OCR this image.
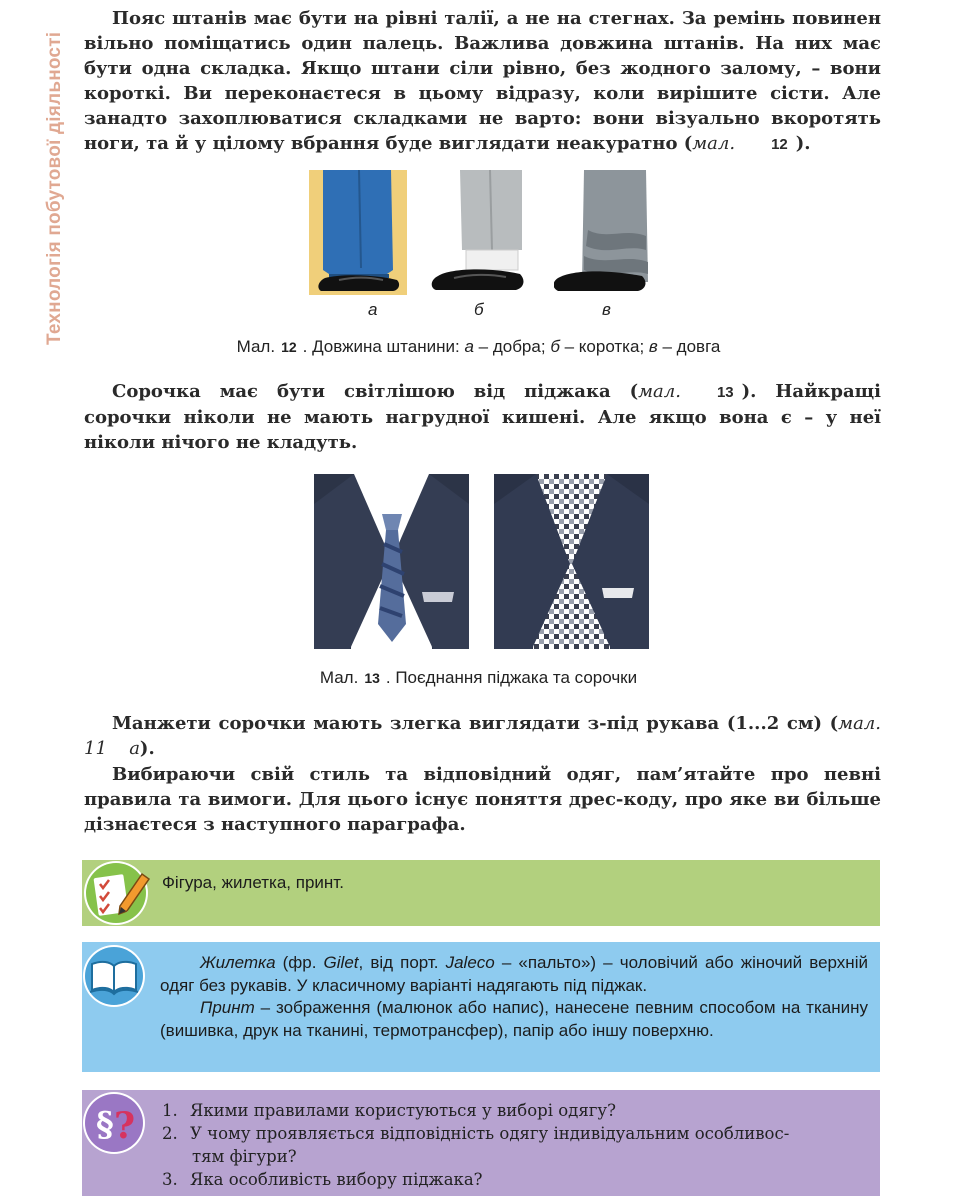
Технологія побутової діяльності

Пояс штанів має бути на рівні талії, а не на стегнах. За ремінь повинен вільно поміщатись один палець. Важлива довжина штанів. На них має бути одна складка. Якщо штани сіли рівно, без жодного залому, – вони короткі. Ви переконаєтеся в цьому відразу, коли вирішите сісти. Але занадто захоплюватися складками не варто: вони візуально вкоротять ноги, та й у цілому вбрання буде виглядати неакуратно (мал. 12 ).

а	б	в
Мал. 12 . Довжина штанини: а – добра; б – коротка; в – довга

Сорочка має бути світлішою від піджака (мал. 13 ). Найкращі сорочки ніколи не мають нагрудної кишені. Але якщо вона є – у неї ніколи нічого не кладуть.

Мал. 13 . Поєднання піджака та сорочки

Манжети сорочки мають злегка виглядати з-під рукава (1...2 см) (мал. 11 а).

Вибираючи свій стиль та відповідний одяг, пам’ятайте про певні правила та вимоги. Для цього існує поняття дрес-коду, про яке ви більше дізнаєтеся з наступного параграфа.

Фігура, жилетка, принт.

Жилетка (фр. Gilet, від порт. Jaleco – «пальто») – чоловічий або жіночий верхній одяг без рукавів. У класичному варіанті надягають під піджак.

Принт – зображення (малюнок або напис), нанесене певним способом на тканину (вишивка, друк на тканині, термотрансфер), папір або іншу поверхню.

§ ? 1. Якими правилами користуються у виборі одягу?
2. У чому проявляється відповідність одягу індивідуальним особливос-
тям фігури?
3. Яка особливість вибору піджака?
